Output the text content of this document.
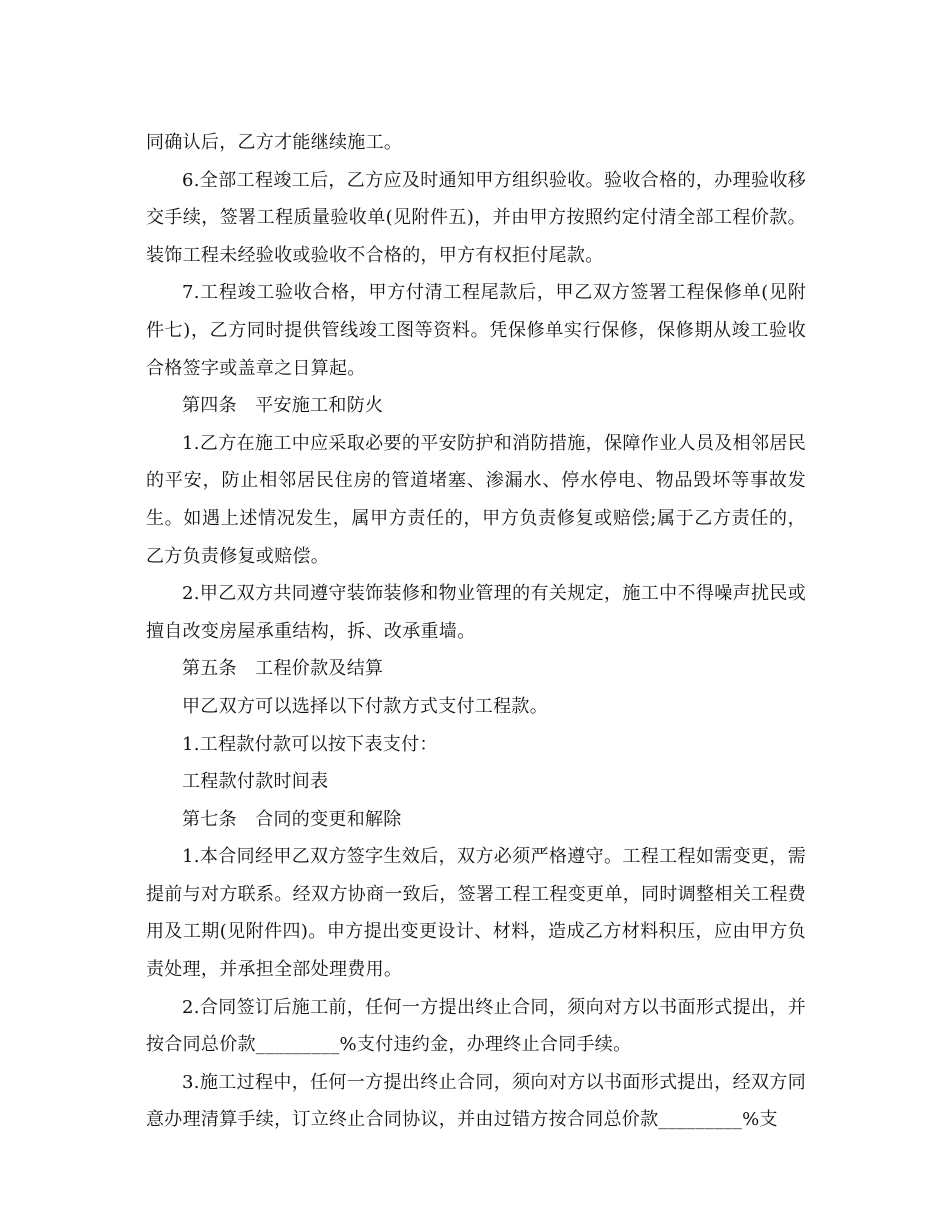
同确认后，乙方才能继续施工。

6.全部工程竣工后，乙方应及时通知甲方组织验收。验收合格的，办理验收移交手续，签署工程质量验收单(见附件五)，并由甲方按照约定付清全部工程价款。装饰工程未经验收或验收不合格的，甲方有权拒付尾款。

7.工程竣工验收合格，甲方付清工程尾款后，甲乙双方签署工程保修单(见附件七)，乙方同时提供管线竣工图等资料。凭保修单实行保修，保修期从竣工验收合格签字或盖章之日算起。

第四条　平安施工和防火

1.乙方在施工中应采取必要的平安防护和消防措施，保障作业人员及相邻居民的平安，防止相邻居民住房的管道堵塞、渗漏水、停水停电、物品毁坏等事故发生。如遇上述情况发生，属甲方责任的，甲方负责修复或赔偿;属于乙方责任的，乙方负责修复或赔偿。

2.甲乙双方共同遵守装饰装修和物业管理的有关规定，施工中不得噪声扰民或擅自改变房屋承重结构，拆、改承重墙。

第五条　工程价款及结算

甲乙双方可以选择以下付款方式支付工程款。

1.工程款付款可以按下表支付：

工程款付款时间表

第七条　合同的变更和解除

1.本合同经甲乙双方签字生效后，双方必须严格遵守。工程工程如需变更，需提前与对方联系。经双方协商一致后，签署工程工程变更单，同时调整相关工程费用及工期(见附件四)。申方提出变更设计、材料，造成乙方材料积压，应由甲方负责处理，并承担全部处理费用。

2.合同签订后施工前，任何一方提出终止合同，须向对方以书面形式提出，并按合同总价款_________%支付违约金，办理终止合同手续。

3.施工过程中，任何一方提出终止合同，须向对方以书面形式提出，经双方同意办理清算手续，订立终止合同协议，并由过错方按合同总价款_________%支
